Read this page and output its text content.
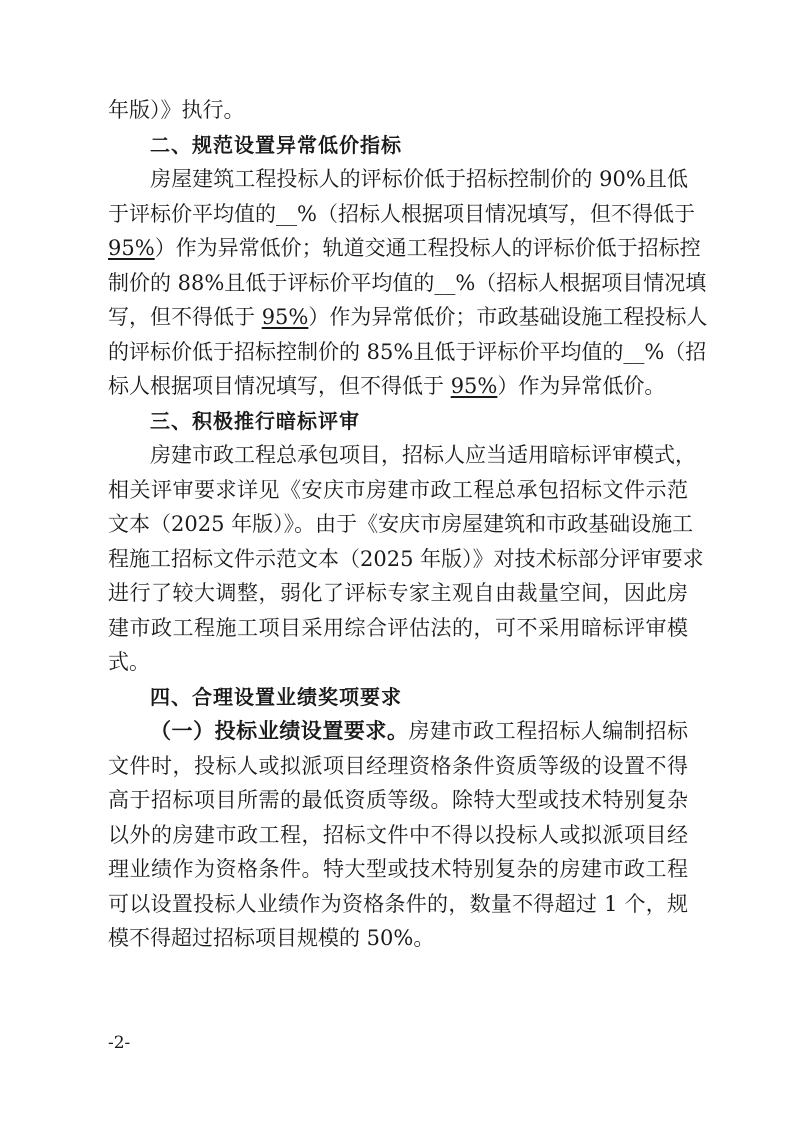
年版）》执行。
二、规范设置异常低价指标
房屋建筑工程投标人的评标价低于招标控制价的 90%且低
于评标价平均值的__%（招标人根据项目情况填写，但不得低于
95%）作为异常低价；轨道交通工程投标人的评标价低于招标控
制价的 88%且低于评标价平均值的__%（招标人根据项目情况填
写，但不得低于 95%）作为异常低价；市政基础设施工程投标人
的评标价低于招标控制价的 85%且低于评标价平均值的__%（招
标人根据项目情况填写，但不得低于 95%）作为异常低价。
三、积极推行暗标评审
房建市政工程总承包项目，招标人应当适用暗标评审模式，
相关评审要求详见《安庆市房建市政工程总承包招标文件示范
文本（2025 年版）》。由于《安庆市房屋建筑和市政基础设施工
程施工招标文件示范文本（2025 年版）》对技术标部分评审要求
进行了较大调整，弱化了评标专家主观自由裁量空间，因此房
建市政工程施工项目采用综合评估法的，可不采用暗标评审模
式。
四、合理设置业绩奖项要求
（一）投标业绩设置要求。房建市政工程招标人编制招标
文件时，投标人或拟派项目经理资格条件资质等级的设置不得
高于招标项目所需的最低资质等级。除特大型或技术特别复杂
以外的房建市政工程，招标文件中不得以投标人或拟派项目经
理业绩作为资格条件。特大型或技术特别复杂的房建市政工程
可以设置投标人业绩作为资格条件的，数量不得超过 1 个，规
模不得超过招标项目规模的 50%。
-2-
